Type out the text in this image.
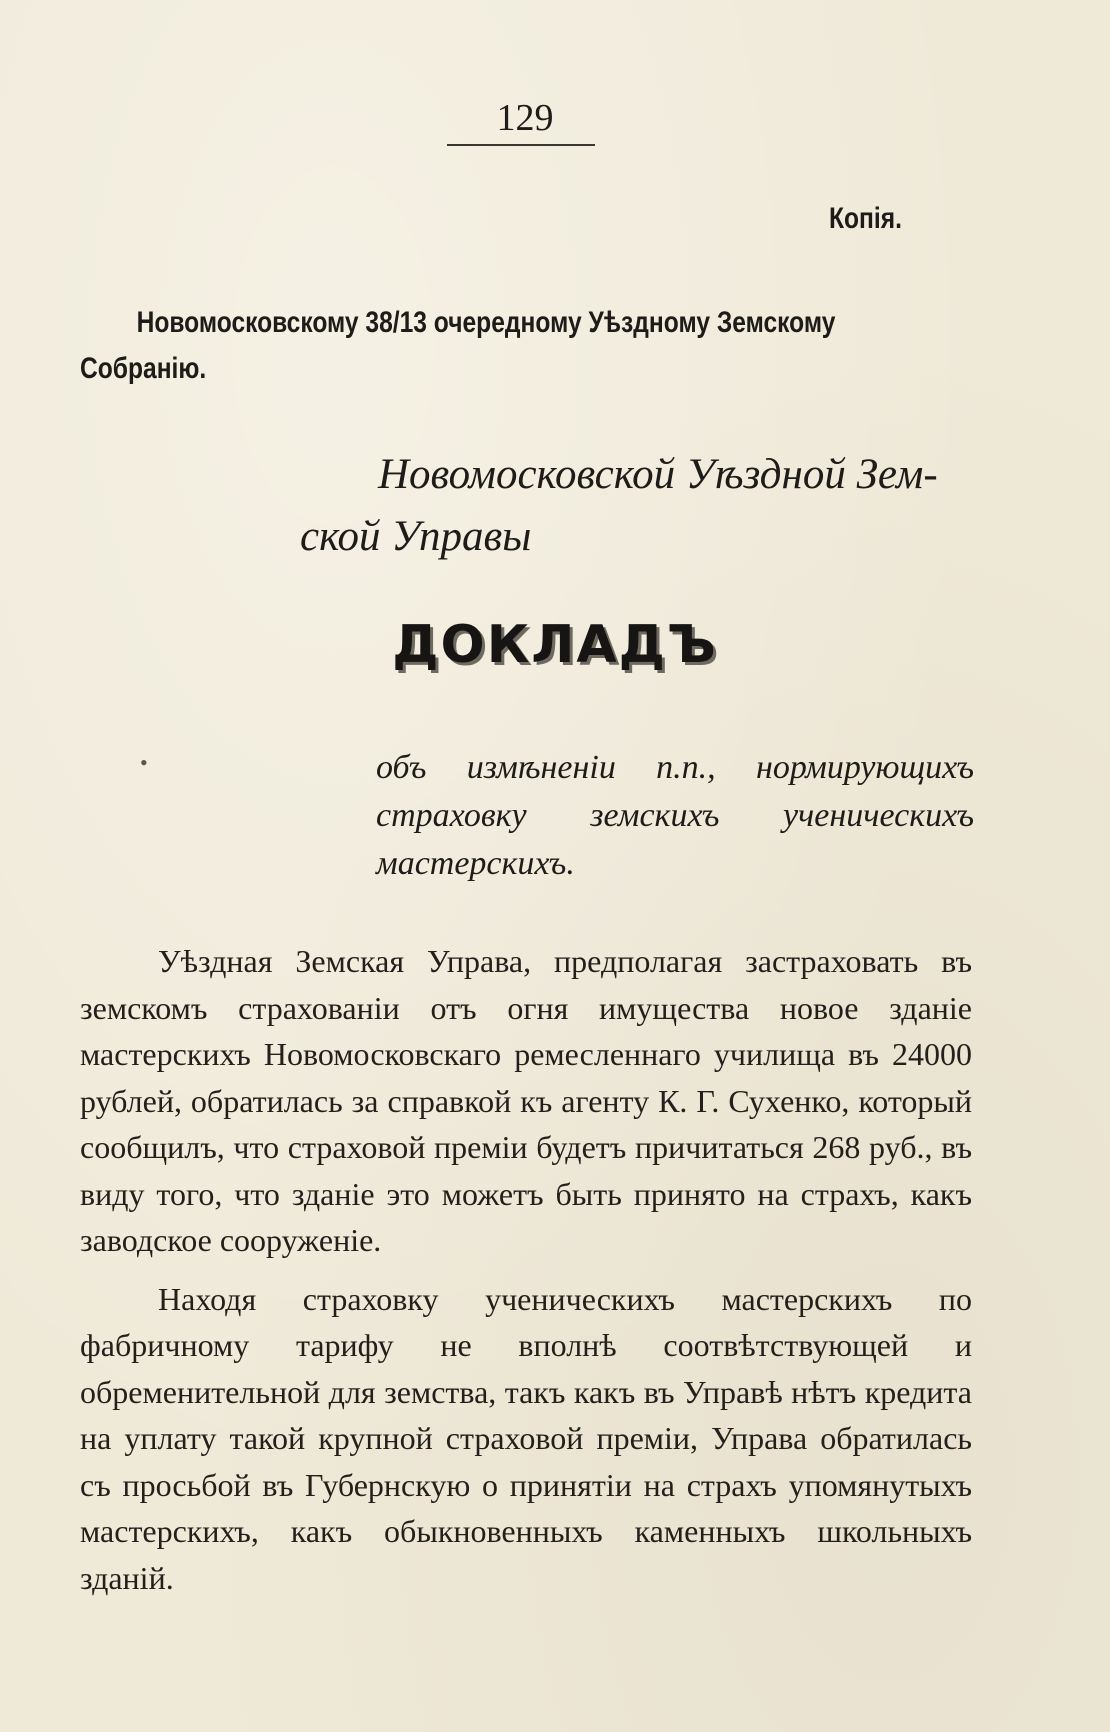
129
Копія.
Новомосковскому 38/13 очередному Уѣздному Земскому
Собранію.
Новомосковской Уѣздной Зем-
ской Управы
ДОКЛАДЪ
•	объ измѣненіи п.п., нормирующихъ страховку земскихъ ученическихъ мастерскихъ.

Уѣздная Земская Управа, предполагая застраховать въ земскомъ страхованіи отъ огня имущества новое зданіе мастерскихъ Новомосковскаго ремесленнаго училища въ 24000 рублей, обратилась за справкой къ агенту К. Г. Сухенко, который сообщилъ, что страховой преміи будетъ причитаться 268 руб., въ виду того, что зданіе это можетъ быть принято на страхъ, какъ заводское сооруженіе.

Находя страховку ученическихъ мастерскихъ по фабричному тарифу не вполнѣ соотвѣтствующей и обременительной для земства, такъ какъ въ Управѣ нѣтъ кредита на уплату такой крупной страховой преміи, Управа обратилась съ просьбой въ Губернскую о принятіи на страхъ упомянутыхъ мастерскихъ, какъ обыкновенныхъ каменныхъ школьныхъ зданій.
